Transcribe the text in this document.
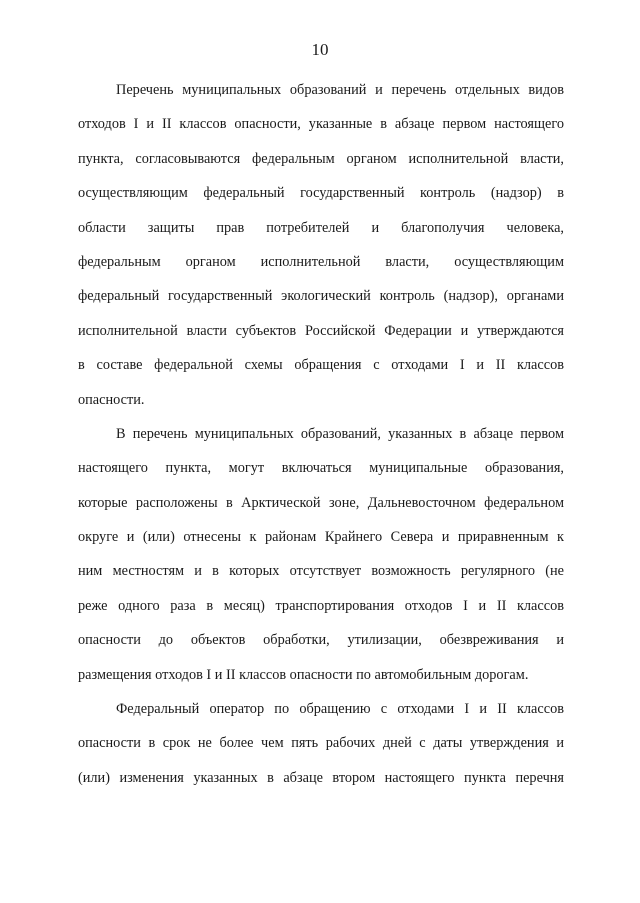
10

Перечень муниципальных образований и перечень отдельных видов
отходов I и II классов опасности, указанные в абзаце первом настоящего
пункта, согласовываются федеральным органом исполнительной власти,
осуществляющим федеральный государственный контроль (надзор) в
области защиты прав потребителей и благополучия человека,
федеральным органом исполнительной власти, осуществляющим
федеральный государственный экологический контроль (надзор), органами
исполнительной власти субъектов Российской Федерации и утверждаются
в составе федеральной схемы обращения с отходами I и II классов
опасности.

В перечень муниципальных образований, указанных в абзаце первом
настоящего пункта, могут включаться муниципальные образования,
которые расположены в Арктической зоне, Дальневосточном федеральном
округе и (или) отнесены к районам Крайнего Севера и приравненным к
ним местностям и в которых отсутствует возможность регулярного (не
реже одного раза в месяц) транспортирования отходов I и II классов
опасности до объектов обработки, утилизации, обезвреживания и
размещения отходов I и II классов опасности по автомобильным дорогам.

Федеральный оператор по обращению с отходами I и II классов
опасности в срок не более чем пять рабочих дней с даты утверждения и
(или) изменения указанных в абзаце втором настоящего пункта перечня
